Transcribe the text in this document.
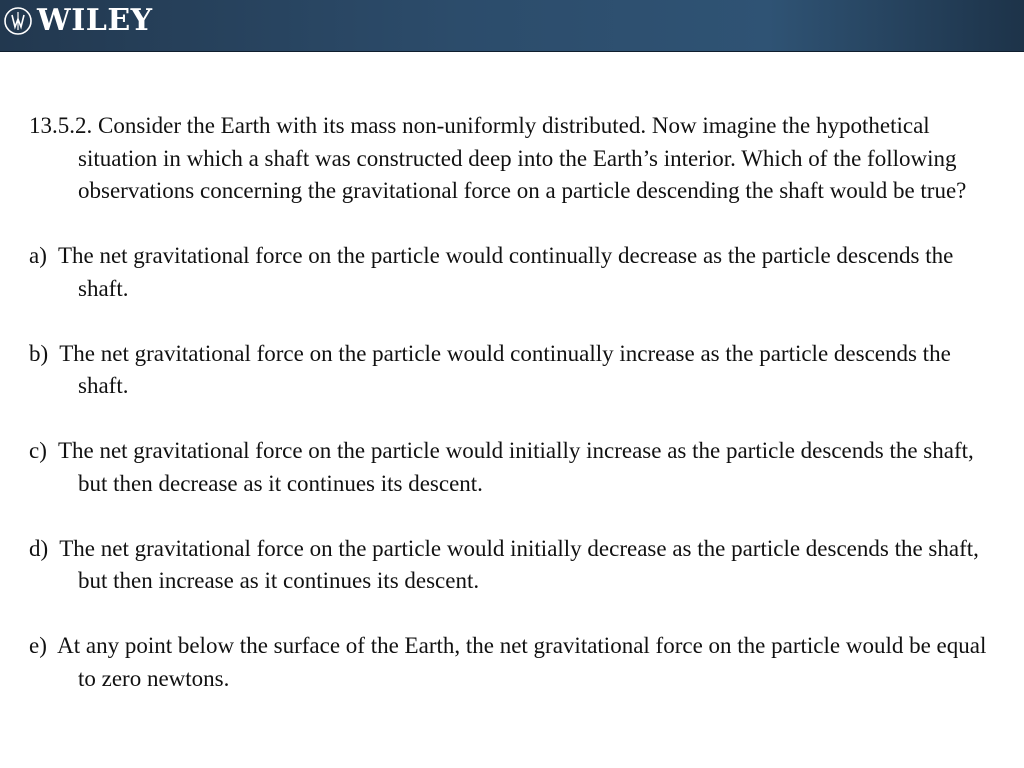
WILEY

13.5.2. Consider the Earth with its mass non-uniformly distributed. Now imagine the hypothetical situation in which a shaft was constructed deep into the Earth’s interior. Which of the following observations concerning the gravitational force on a particle descending the shaft would be true?

a)  The net gravitational force on the particle would continually decrease as the particle descends the shaft.

b)  The net gravitational force on the particle would continually increase as the particle descends the shaft.

c)  The net gravitational force on the particle would initially increase as the particle descends the shaft, but then decrease as it continues its descent.

d)  The net gravitational force on the particle would initially decrease as the particle descends the shaft, but then increase as it continues its descent.

e)  At any point below the surface of the Earth, the net gravitational force on the particle would be equal to zero newtons.
